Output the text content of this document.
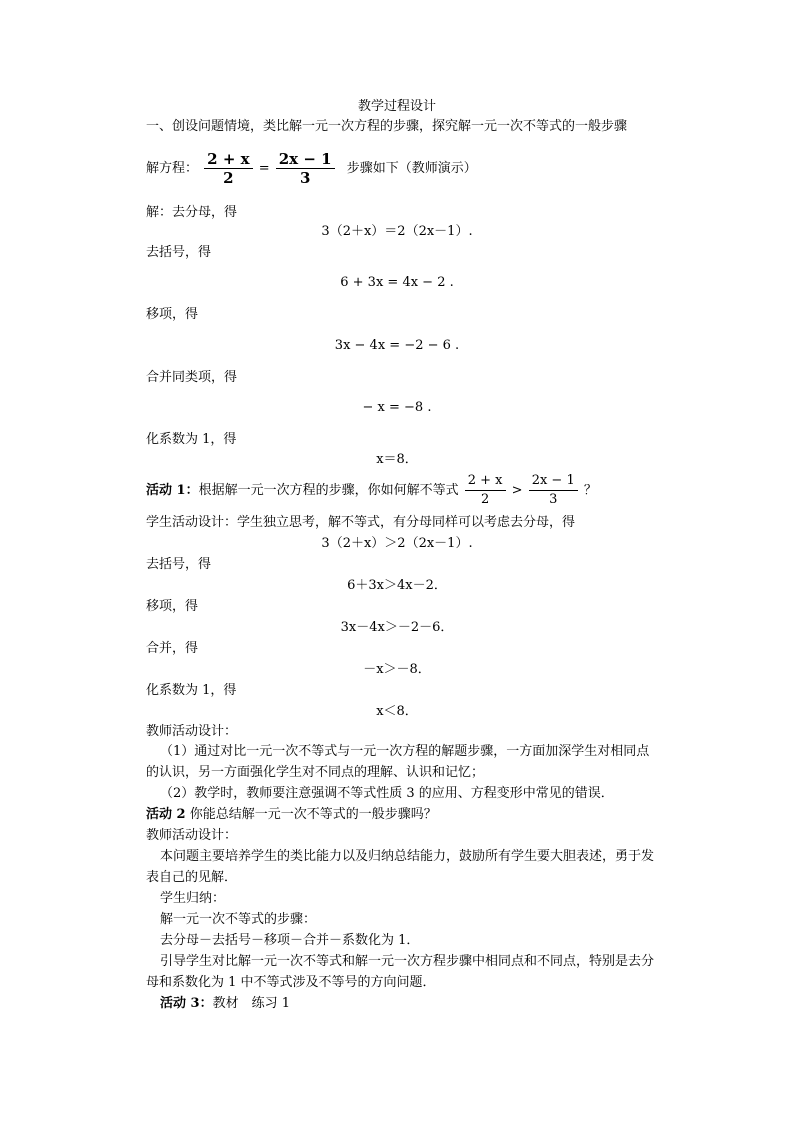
教学过程设计
一、创设问题情境，类比解一元一次方程的步骤，探究解一元一次不等式的一般步骤
解方程： $\frac{2 + x}{2} = \frac{2x - 1}{3}$ 步骤如下（教师演示）
解：去分母，得
3（2＋x）＝2（2x－1）.
去括号，得
6 + 3x = 4x − 2 .
移项，得
3x − 4x = −2 − 6 .
合并同类项，得
− x = −8 .
化系数为 1，得
x＝8．
活动 1：根据解一元一次方程的步骤，你如何解不等式 $\frac{2 + x}{2} > \frac{2x - 1}{3}$ ？
学生活动设计：学生独立思考，解不等式，有分母同样可以考虑去分母，得
3（2＋x）＞2（2x－1）.
去括号，得
6＋3x＞4x－2．
移项，得
3x－4x＞－2－6．
合并，得
－x＞－8．
化系数为 1，得
x＜8．
教师活动设计：
（1）通过对比一元一次不等式与一元一次方程的解题步骤，一方面加深学生对相同点
的认识，另一方面强化学生对不同点的理解、认识和记忆；
（2）教学时，教师要注意强调不等式性质 3 的应用、方程变形中常见的错误．
活动 2 你能总结解一元一次不等式的一般步骤吗？
教师活动设计：
本问题主要培养学生的类比能力以及归纳总结能力，鼓励所有学生要大胆表述，勇于发
表自己的见解．
学生归纳：
解一元一次不等式的步骤：
去分母－去括号－移项－合并－系数化为 1．
引导学生对比解一元一次不等式和解一元一次方程步骤中相同点和不同点，特别是去分
母和系数化为 1 中不等式涉及不等号的方向问题．
活动 3：教材　练习 1
